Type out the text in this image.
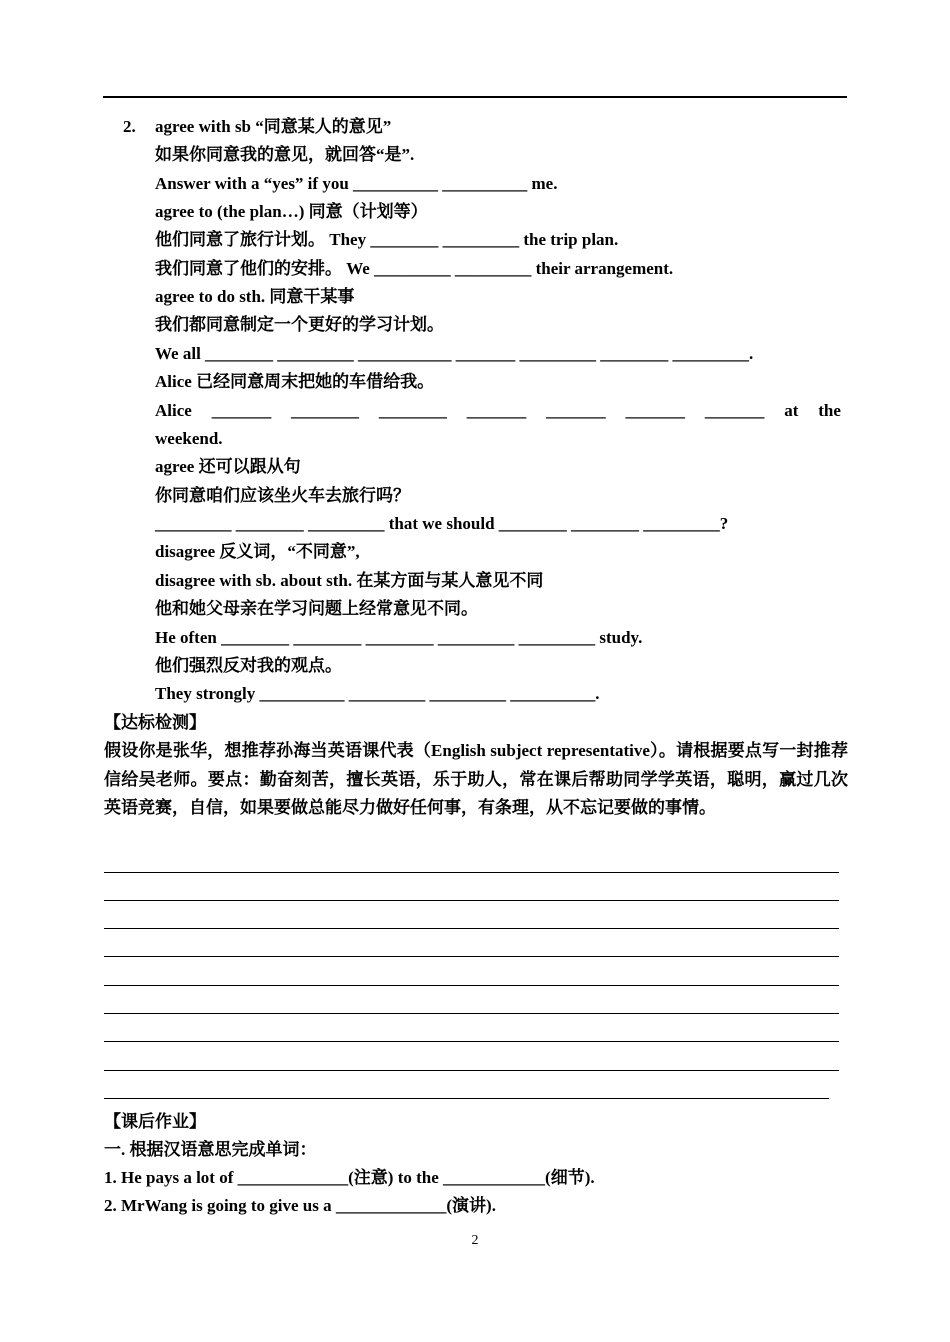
2. agree with sb “同意某人的意见”
如果你同意我的意见，就回答“是”.
Answer with a “yes” if you __________ __________ me.
agree to (the plan…) 同意（计划等）
他们同意了旅行计划。 They ________ _________ the trip plan.
我们同意了他们的安排。 We _________ _________ their arrangement.
agree to do sth. 同意干某事
我们都同意制定一个更好的学习计划。
We all ________ _________ ___________ _______ _________ ________ _________.
Alice 已经同意周末把她的车借给我。
Alice _______ ________ ________ _______ _______ _______ _______ at the
weekend.
agree 还可以跟从句
你同意咱们应该坐火车去旅行吗？
_________ ________ _________ that we should ________ ________ _________?
disagree 反义词，“不同意”,
disagree with sb. about sth. 在某方面与某人意见不同
他和她父母亲在学习问题上经常意见不同。
He often ________ ________ ________ _________ _________ study.
他们强烈反对我的观点。
They strongly __________ _________ _________ __________.
【达标检测】
假设你是张华，想推荐孙海当英语课代表（English subject representative）。请根据要点写一封推荐信给吴老师。要点：勤奋刻苦，擅长英语，乐于助人，常在课后帮助同学学英语，聪明，赢过几次英语竞赛，自信，如果要做总能尽力做好任何事，有条理，从不忘记要做的事情。
【课后作业】
一. 根据汉语意思完成单词：
1. He pays a lot of _____________(注意) to the ____________(细节).
2. MrWang is going to give us a _____________(演讲).
2
